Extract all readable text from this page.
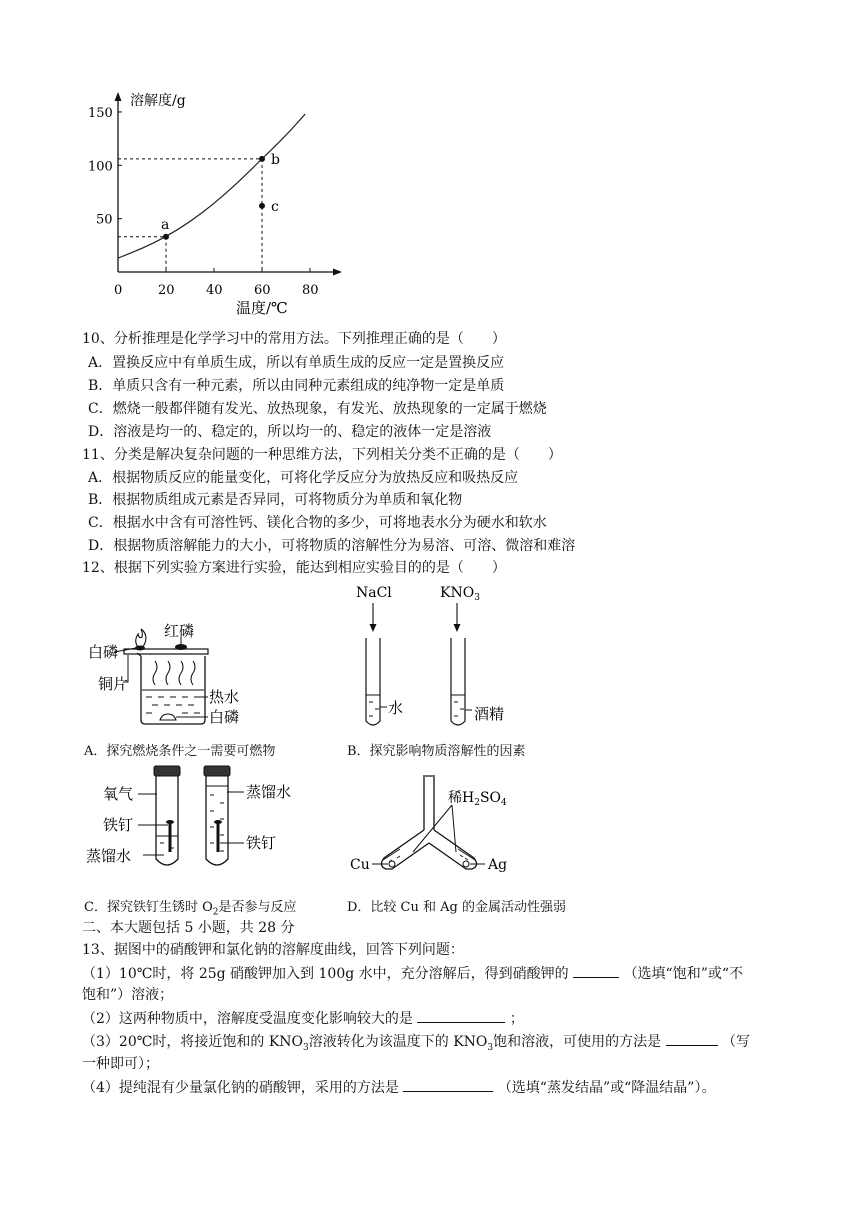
0	20 40 60 80
50
100
150
a
b
c
溶解度/g
温度/℃
10、分析推理是化学学习中的常用方法。下列推理正确的是（　　）
A．置换反应中有单质生成，所以有单质生成的反应一定是置换反应
B．单质只含有一种元素，所以由同种元素组成的纯净物一定是单质
C．燃烧一般都伴随有发光、放热现象，有发光、放热现象的一定属于燃烧
D．溶液是均一的、稳定的，所以均一的、稳定的液体一定是溶液
11、分类是解决复杂问题的一种思维方法，下列相关分类不正确的是（　　）
A．根据物质反应的能量变化，可将化学反应分为放热反应和吸热反应
B．根据物质组成元素是否异同，可将物质分为单质和氧化物
C．根据水中含有可溶性钙、镁化合物的多少，可将地表水分为硬水和软水
D．根据物质溶解能力的大小，可将物质的溶解性分为易溶、可溶、微溶和难溶
12、根据下列实验方案进行实验，能达到相应实验目的的是（　　）
白磷
红磷
铜片
热水
白磷
NaCl	$KNO_3$
水	酒精
A．探究燃烧条件之一需要可燃物	B．探究影响物质溶解性的因素
氧气
铁钉
蒸馏水
蒸馏水
铁钉
稀$H_2SO_4$
Cu	Ag
C．探究铁钉生锈时 $O_2$是否参与反应	D．比较 Cu 和 Ag 的金属活动性强弱
二、本大题包括 5 小题，共 28 分
13、据图中的硝酸钾和氯化钠的溶解度曲线，回答下列问题：
（1）10℃时，将 25g 硝酸钾加入到 100g 水中，充分溶解后，得到硝酸钾的	（选填“饱和”或“不
饱和”）溶液；
（2）这两种物质中，溶解度受温度变化影响较大的是	；
（3）20℃时，将接近饱和的 $KNO_3$溶液转化为该温度下的 $KNO_3$饱和溶液，可使用的方法是	（写
一种即可）；
（4）提纯混有少量氯化钠的硝酸钾，采用的方法是	（选填“蒸发结晶”或“降温结晶”）。
